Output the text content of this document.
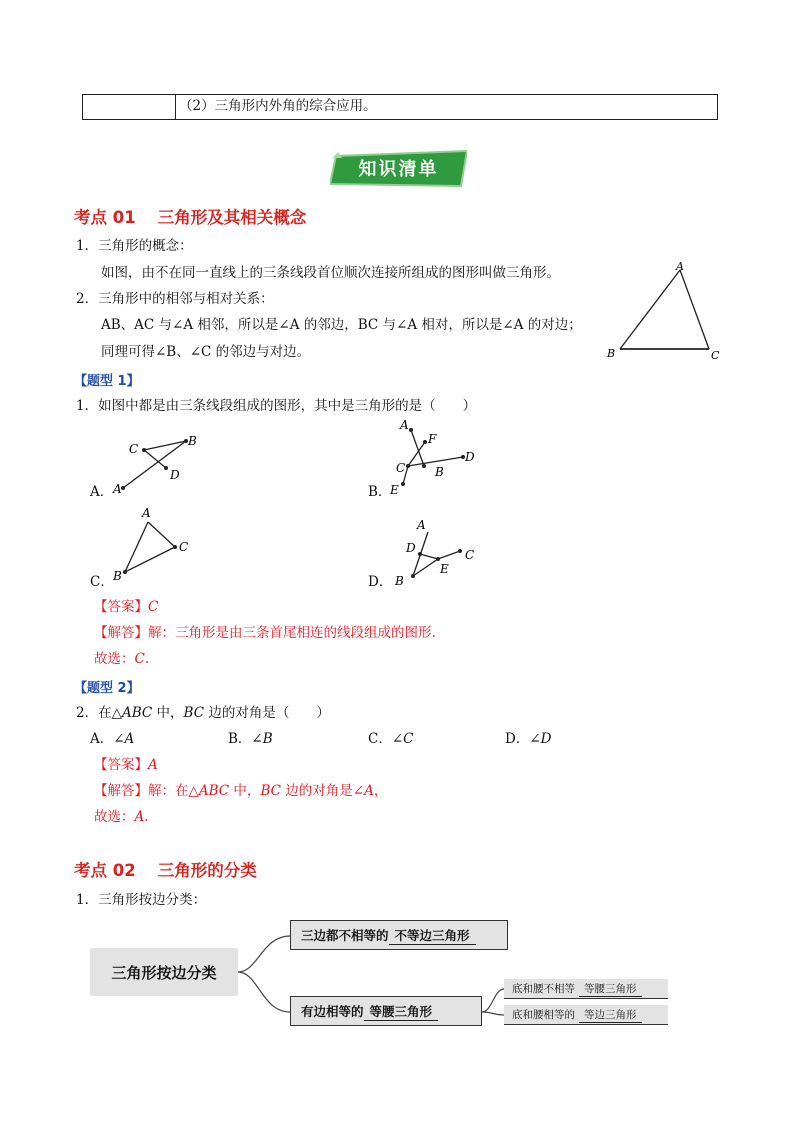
（2）三角形内外角的综合应用。
知识清单
考点 01 三角形及其相关概念
1．三角形的概念：
如图，由不在同一直线上的三条线段首位顺次连接所组成的图形叫做三角形。
2．三角形中的相邻与相对关系：
AB、AC 与∠A 相邻，所以是∠A 的邻边，BC 与∠A 相对，所以是∠A 的对边；
同理可得∠B、∠C 的邻边与对边。
A
B	C
【题型 1】
1．如图中都是由三条线段组成的图形，其中是三角形的是（　　）
A．
C
B
D
A	B．
A
F
D
C B
E
C．
A
C
B	D．
A
D	C
E
B
【答案】C
【解答】解：三角形是由三条首尾相连的线段组成的图形.
故选：C.
【题型 2】
2．在△ABC 中，BC 边的对角是（　　）
A．∠A	B．∠B	C．∠C	D．∠D
【答案】A
【解答】解：在△ABC 中，BC 边的对角是∠A，
故选：A.
考点 02 三角形的分类
1．三角形按边分类：
三角形按边分类
三边都不相等的 不等边三角形
有边相等的 等腰三角形
底和腰不相等 等腰三角形
底和腰相等的 等边三角形
